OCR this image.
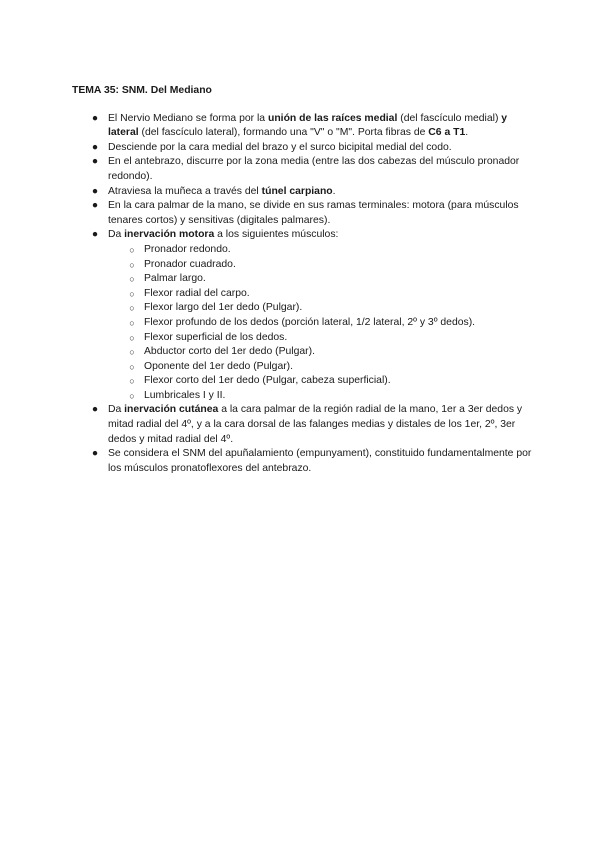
TEMA 35: SNM. Del Mediano
● El Nervio Mediano se forma por la unión de las raíces medial (del fascículo medial) y lateral (del fascículo lateral), formando una "V" o "M". Porta fibras de C6 a T1.
● Desciende por la cara medial del brazo y el surco bicipital medial del codo.
● En el antebrazo, discurre por la zona media (entre las dos cabezas del músculo pronador redondo).
● Atraviesa la muñeca a través del túnel carpiano.
● En la cara palmar de la mano, se divide en sus ramas terminales: motora (para músculos tenares cortos) y sensitivas (digitales palmares).
● Da inervación motora a los siguientes músculos:
○ Pronador redondo.
○ Pronador cuadrado.
○ Palmar largo.
○ Flexor radial del carpo.
○ Flexor largo del 1er dedo (Pulgar).
○ Flexor profundo de los dedos (porción lateral, 1/2 lateral, 2º y 3º dedos).
○ Flexor superficial de los dedos.
○ Abductor corto del 1er dedo (Pulgar).
○ Oponente del 1er dedo (Pulgar).
○ Flexor corto del 1er dedo (Pulgar, cabeza superficial).
○ Lumbricales I y II.
● Da inervación cutánea a la cara palmar de la región radial de la mano, 1er a 3er dedos y mitad radial del 4º, y a la cara dorsal de las falanges medias y distales de los 1er, 2º, 3er dedos y mitad radial del 4º.
● Se considera el SNM del apuñalamiento (empunyament), constituido fundamentalmente por los músculos pronatoflexores del antebrazo.
